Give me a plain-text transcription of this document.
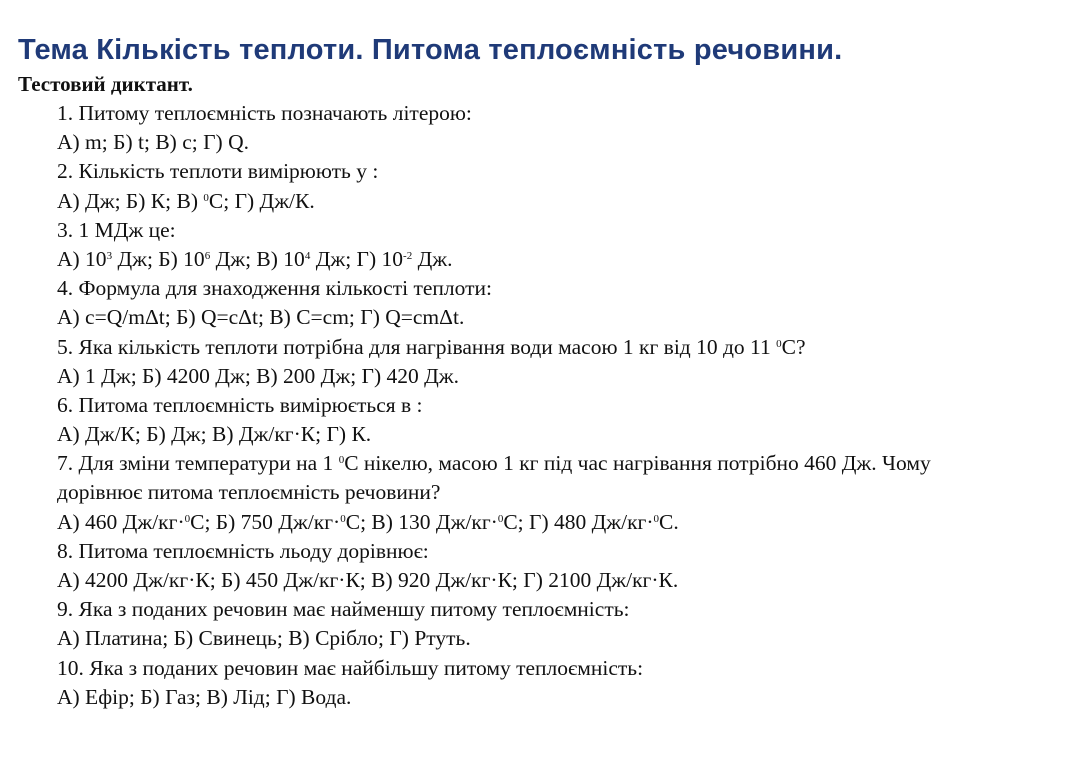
Тема Кількість теплоти. Питома теплоємність речовини.
Тестовий диктант.
1. Питому теплоємність позначають літерою:
А) m; Б) t; В) c; Г) Q.
2. Кількість теплоти вимірюють у :
А) Дж; Б) К; В) $^0$С; Г) Дж/К.
3. 1 МДж це:
А) $10^3$ Дж; Б) $10^6$ Дж; В) $10^4$ Дж; Г) $10^{-2}$ Дж.
4. Формула для знаходження кількості теплоти:
А) c=Q/mΔt; Б) Q=cΔt; В) C=cm; Г) Q=cmΔt.
5. Яка кількість теплоти потрібна для нагрівання води масою 1 кг від 10 до 11 $^0$С?
А) 1 Дж; Б) 4200 Дж; В) 200 Дж; Г) 420 Дж.
6. Питома теплоємність вимірюється в :
А) Дж/К; Б) Дж; В) Дж/кг·К; Г) К.
7. Для зміни температури на 1 $^0$С нікелю, масою 1 кг під час нагрівання потрібно 460 Дж. Чому
дорівнює питома теплоємність речовини?
А) 460 Дж/кг·$^0$С; Б) 750 Дж/кг·$^0$С; В) 130 Дж/кг·$^0$С; Г) 480 Дж/кг·$^0$С.
8. Питома теплоємність льоду дорівнює:
А) 4200 Дж/кг·К; Б) 450 Дж/кг·К; В) 920 Дж/кг·К; Г) 2100 Дж/кг·К.
9. Яка з поданих речовин має найменшу питому теплоємність:
А) Платина; Б) Свинець; В) Срібло; Г) Ртуть.
10. Яка з поданих речовин має найбільшу питому теплоємність:
А) Ефір; Б) Газ; В) Лід; Г) Вода.
